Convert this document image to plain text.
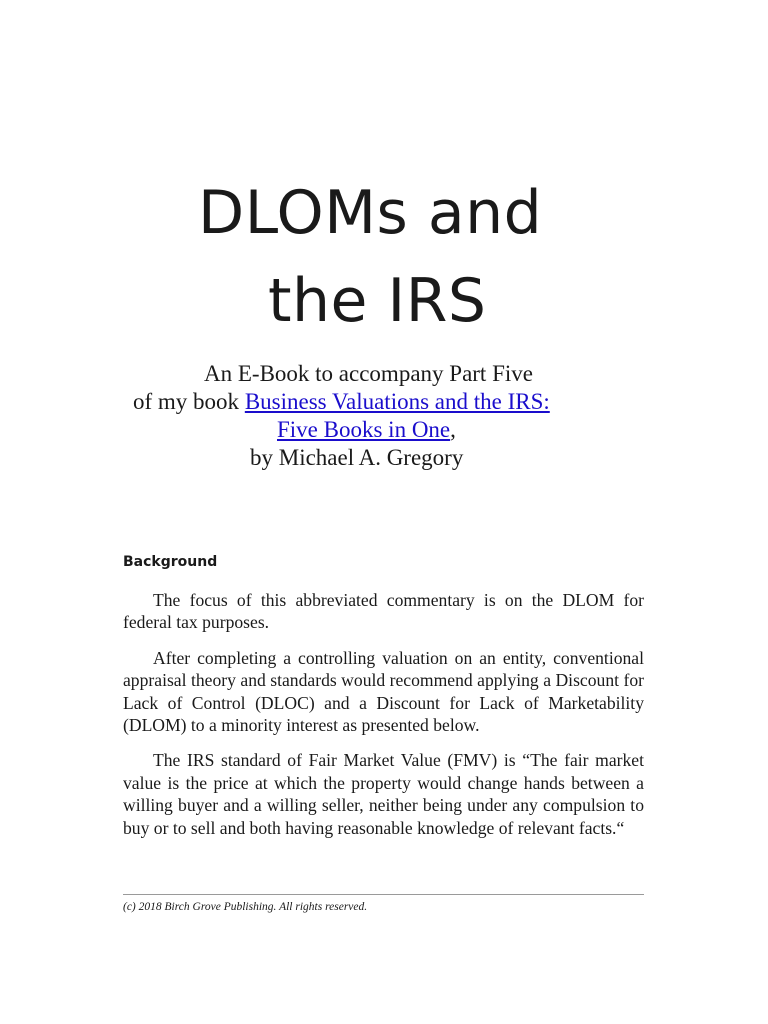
DLOMs and
the IRS
An E-Book to accompany Part Five
of my book Business Valuations and the IRS:
Five Books in One,
by Michael A. Gregory
Background

The focus of this abbreviated commentary is on the DLOM for federal tax purposes.

After completing a controlling valuation on an entity, conventional appraisal theory and standards would recommend applying a Discount for Lack of Control (DLOC) and a Discount for Lack of Marketability (DLOM) to a minority interest as presented below.

The IRS standard of Fair Market Value (FMV) is “The fair market value is the price at which the property would change hands between a willing buyer and a willing seller, neither being under any compulsion to buy or to sell and both having reasonable knowledge of relevant facts.“

(c) 2018 Birch Grove Publishing. All rights reserved.
